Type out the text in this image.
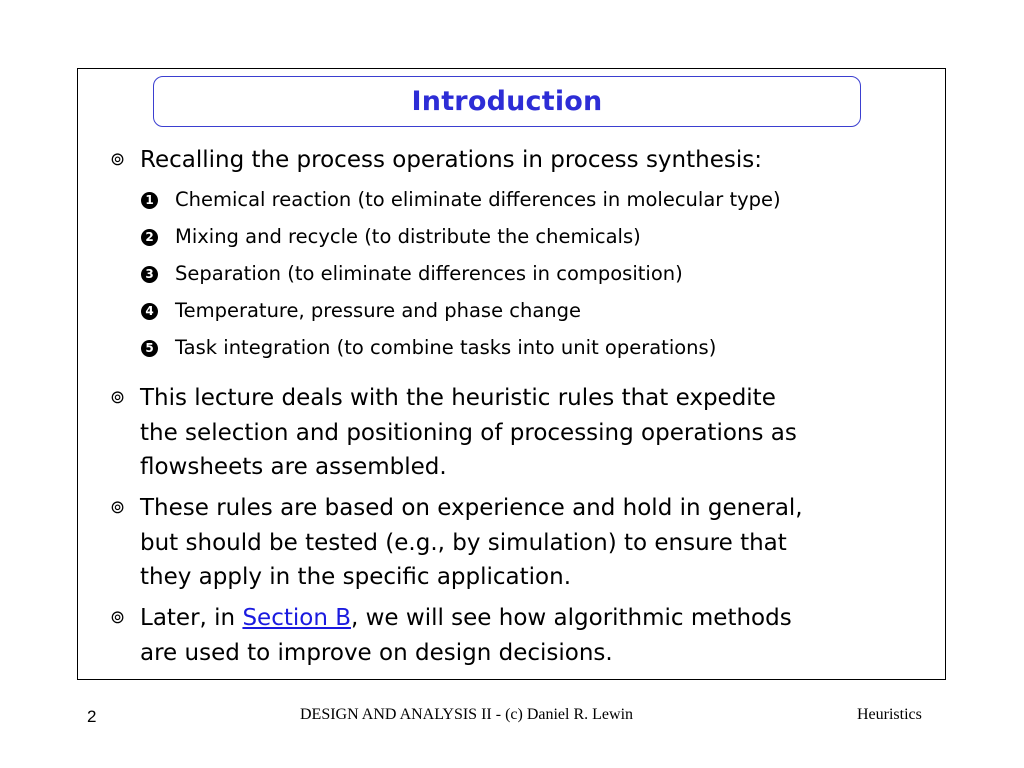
Introduction
⊚ Recalling the process operations in process synthesis:
1 Chemical reaction (to eliminate differences in molecular type)
2 Mixing and recycle (to distribute the chemicals)
3 Separation (to eliminate differences in composition)
4 Temperature, pressure and phase change
5 Task integration (to combine tasks into unit operations)
⊚ This lecture deals with the heuristic rules that expedite
the selection and positioning of processing operations as
flowsheets are assembled.
⊚ These rules are based on experience and hold in general,
but should be tested (e.g., by simulation) to ensure that
they apply in the specific application.
⊚ Later, in Section B, we will see how algorithmic methods
are used to improve on design decisions.
2	DESIGN AND ANALYSIS II - (c) Daniel R. Lewin	Heuristics
